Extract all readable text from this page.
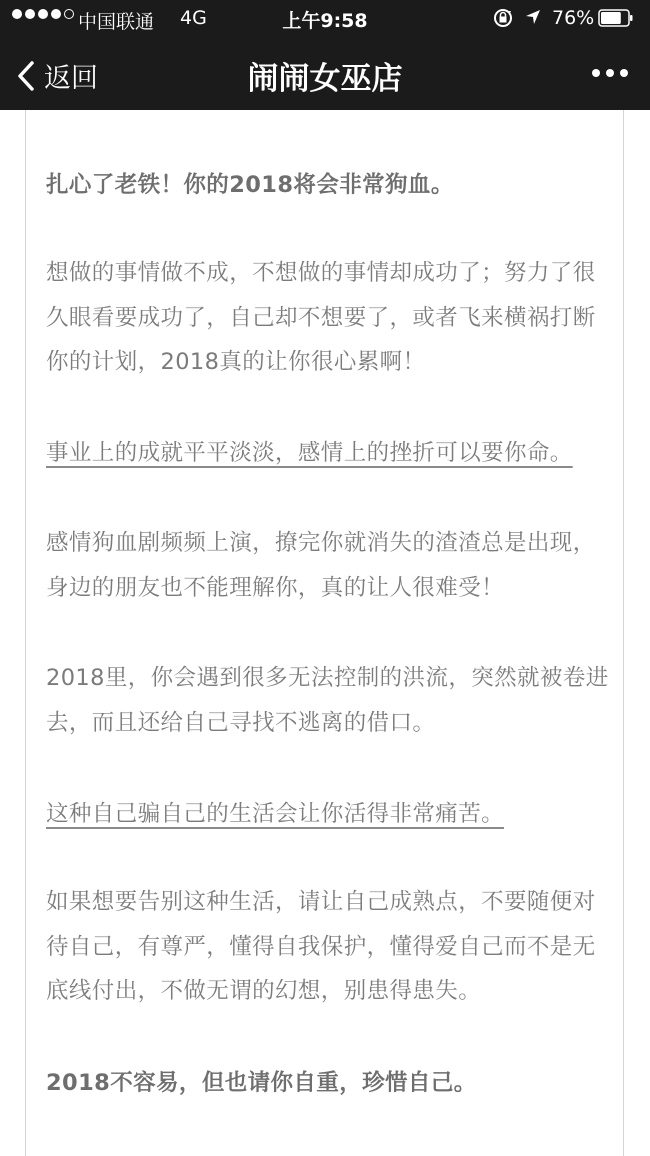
中国联通 4G	上午9:58	76%
返回	闹闹女巫店

扎心了老铁！你的2018将会非常狗血。

想做的事情做不成，不想做的事情却成功了；努力了很久眼看要成功了，自己却不想要了，或者飞来横祸打断你的计划，2018真的让你很心累啊！

事业上的成就平平淡淡，感情上的挫折可以要你命。

感情狗血剧频频上演，撩完你就消失的渣渣总是出现，身边的朋友也不能理解你，真的让人很难受！

2018里，你会遇到很多无法控制的洪流，突然就被卷进去，而且还给自己寻找不逃离的借口。

这种自己骗自己的生活会让你活得非常痛苦。

如果想要告别这种生活，请让自己成熟点，不要随便对待自己，有尊严，懂得自我保护，懂得爱自己而不是无底线付出，不做无谓的幻想，别患得患失。

2018不容易，但也请你自重，珍惜自己。
